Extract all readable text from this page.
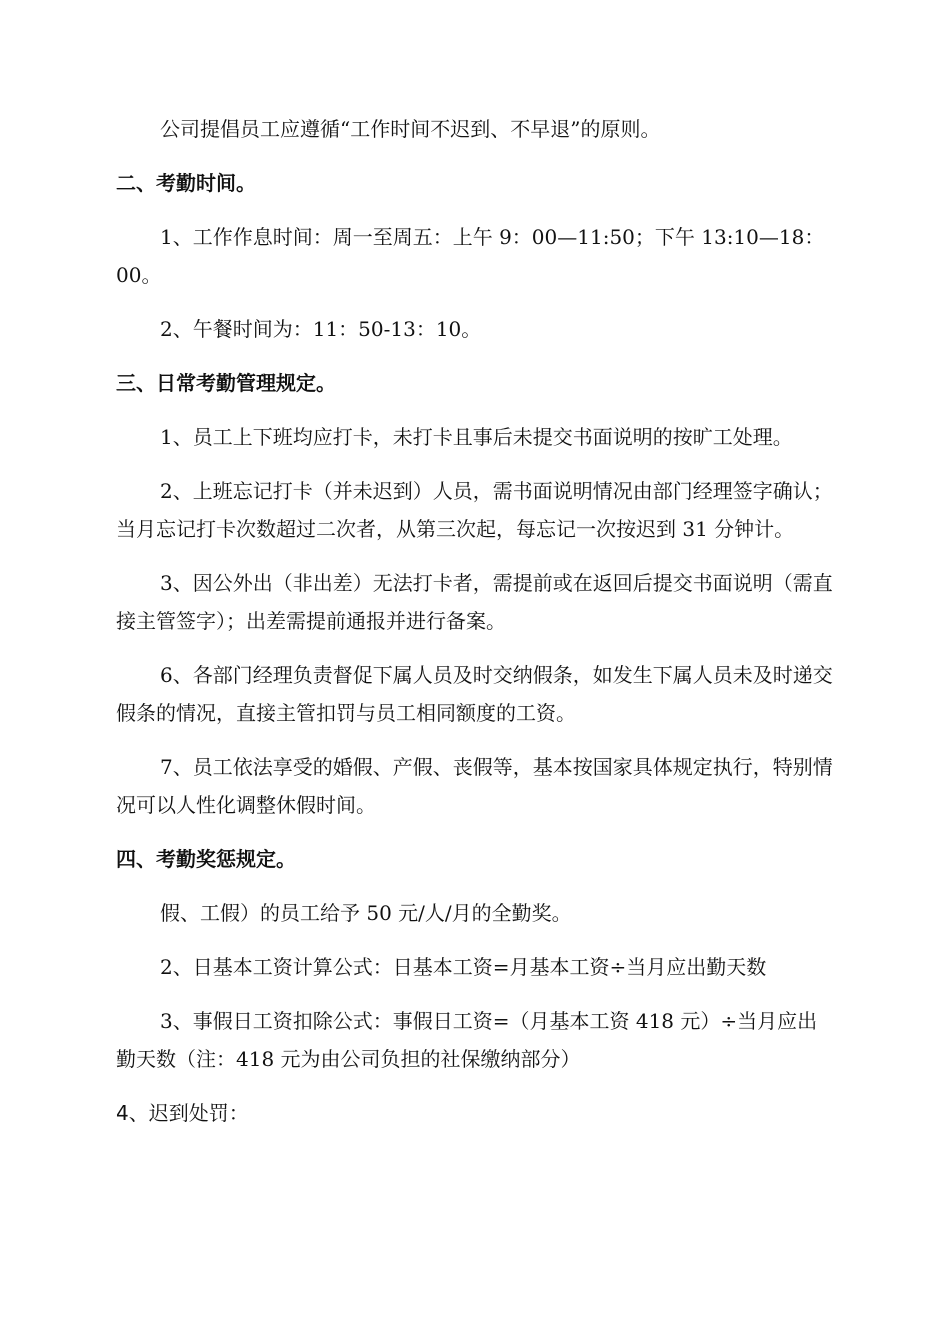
公司提倡员工应遵循“工作时间不迟到、不早退”的原则。

二、考勤时间。

1、工作作息时间：周一至周五：上午 9：00—11:50；下午 13:10—18：00。

2、午餐时间为：11：50-13：10。

三、日常考勤管理规定。

1、员工上下班均应打卡，未打卡且事后未提交书面说明的按旷工处理。

2、上班忘记打卡（并未迟到）人员，需书面说明情况由部门经理签字确认；当月忘记打卡次数超过二次者，从第三次起，每忘记一次按迟到 31 分钟计。

3、因公外出（非出差）无法打卡者，需提前或在返回后提交书面说明（需直接主管签字）；出差需提前通报并进行备案。

6、各部门经理负责督促下属人员及时交纳假条，如发生下属人员未及时递交假条的情况，直接主管扣罚与员工相同额度的工资。

7、员工依法享受的婚假、产假、丧假等，基本按国家具体规定执行，特别情况可以人性化调整休假时间。

四、考勤奖惩规定。

假、工假）的员工给予 50 元/人/月的全勤奖。

2、日基本工资计算公式：日基本工资=月基本工资÷当月应出勤天数

3、事假日工资扣除公式：事假日工资=（月基本工资 418 元）÷当月应出勤天数（注：418 元为由公司负担的社保缴纳部分）

4、迟到处罚：
